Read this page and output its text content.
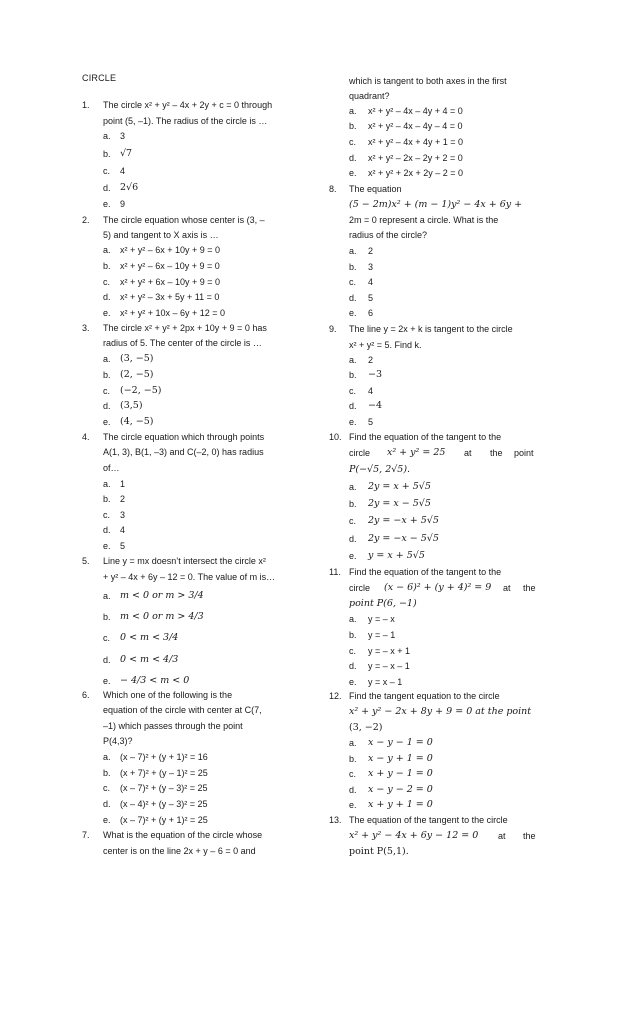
CIRCLE
1. The circle x² + y² – 4x + 2y + c = 0 through
point (5, –1). The radius of the circle is …
a. 3
b. √7
c. 4
d. 2√6
e. 9
2. The circle equation whose center is (3, –
5) and tangent to X axis is …
a. x² + y² – 6x + 10y + 9 = 0
b. x² + y² – 6x – 10y + 9 = 0
c. x² + y² + 6x – 10y + 9 = 0
d. x² + y² – 3x + 5y + 11 = 0
e. x² + y² + 10x – 6y + 12 = 0
3. The circle x² + y² + 2px + 10y + 9 = 0 has
radius of 5. The center of the circle is …
a. (3, −5)
b. (2, −5)
c. (−2, −5)
d. (3,5)
e. (4, −5)
4. The circle equation which through points
A(1, 3), B(1, –3) and C(–2, 0) has radius
of…
a. 1
b. 2
c. 3
d. 4
e. 5
5. Line y = mx doesn’t intersect the circle x²
+ y² – 4x + 6y – 12 = 0. The value of m is…
a. m < 0 or m > 3/4
b. m < 0 or m > 4/3
c. 0 < m < 3/4
d. 0 < m < 4/3
e. − 4/3 < m < 0
6. Which one of the following is the
equation of the circle with center at C(7,
–1) which passes through the point
P(4,3)?
a. (x – 7)² + (y + 1)² = 16
b. (x + 7)² + (y – 1)² = 25
c. (x – 7)² + (y – 3)² = 25
d. (x – 4)² + (y – 3)² = 25
e. (x – 7)² + (y + 1)² = 25
7. What is the equation of the circle whose
center is on the line 2x + y – 6 = 0 and
which is tangent to both axes in the first
quadrant?
a. x² + y² – 4x – 4y + 4 = 0
b. x² + y² – 4x – 4y – 4 = 0
c. x² + y² – 4x + 4y + 1 = 0
d. x² + y² – 2x – 2y + 2 = 0
e. x² + y² + 2x + 2y – 2 = 0
8. The equation
(5 − 2m)x² + (m − 1)y² − 4x + 6y +
2m = 0 represent a circle. What is the
radius of the circle?
a. 2
b. 3
c. 4
d. 5
e. 6
9. The line y = 2x + k is tangent to the circle
x² + y² = 5. Find k.
a. 2
b. −3
c. 4
d. −4
e. 5
10. Find the equation of the tangent to the
circle x² + y² = 25 at the point
P(−√5, 2√5).
a. 2y = x + 5√5
b. 2y = x − 5√5
c. 2y = −x + 5√5
d. 2y = −x − 5√5
e. y = x + 5√5
11. Find the equation of the tangent to the
circle (x − 6)² + (y + 4)² = 9 at the
point P(6, −1)
a. y = – x
b. y = – 1
c. y = – x + 1
d. y = – x – 1
e. y = x – 1
12. Find the tangent equation to the circle
x² + y² − 2x + 8y + 9 = 0 at the point
(3, −2)
a. x − y − 1 = 0
b. x − y + 1 = 0
c. x + y − 1 = 0
d. x − y − 2 = 0
e. x + y + 1 = 0
13. The equation of the tangent to the circle
x² + y² − 4x + 6y − 12 = 0 at the
point P(5,1).
